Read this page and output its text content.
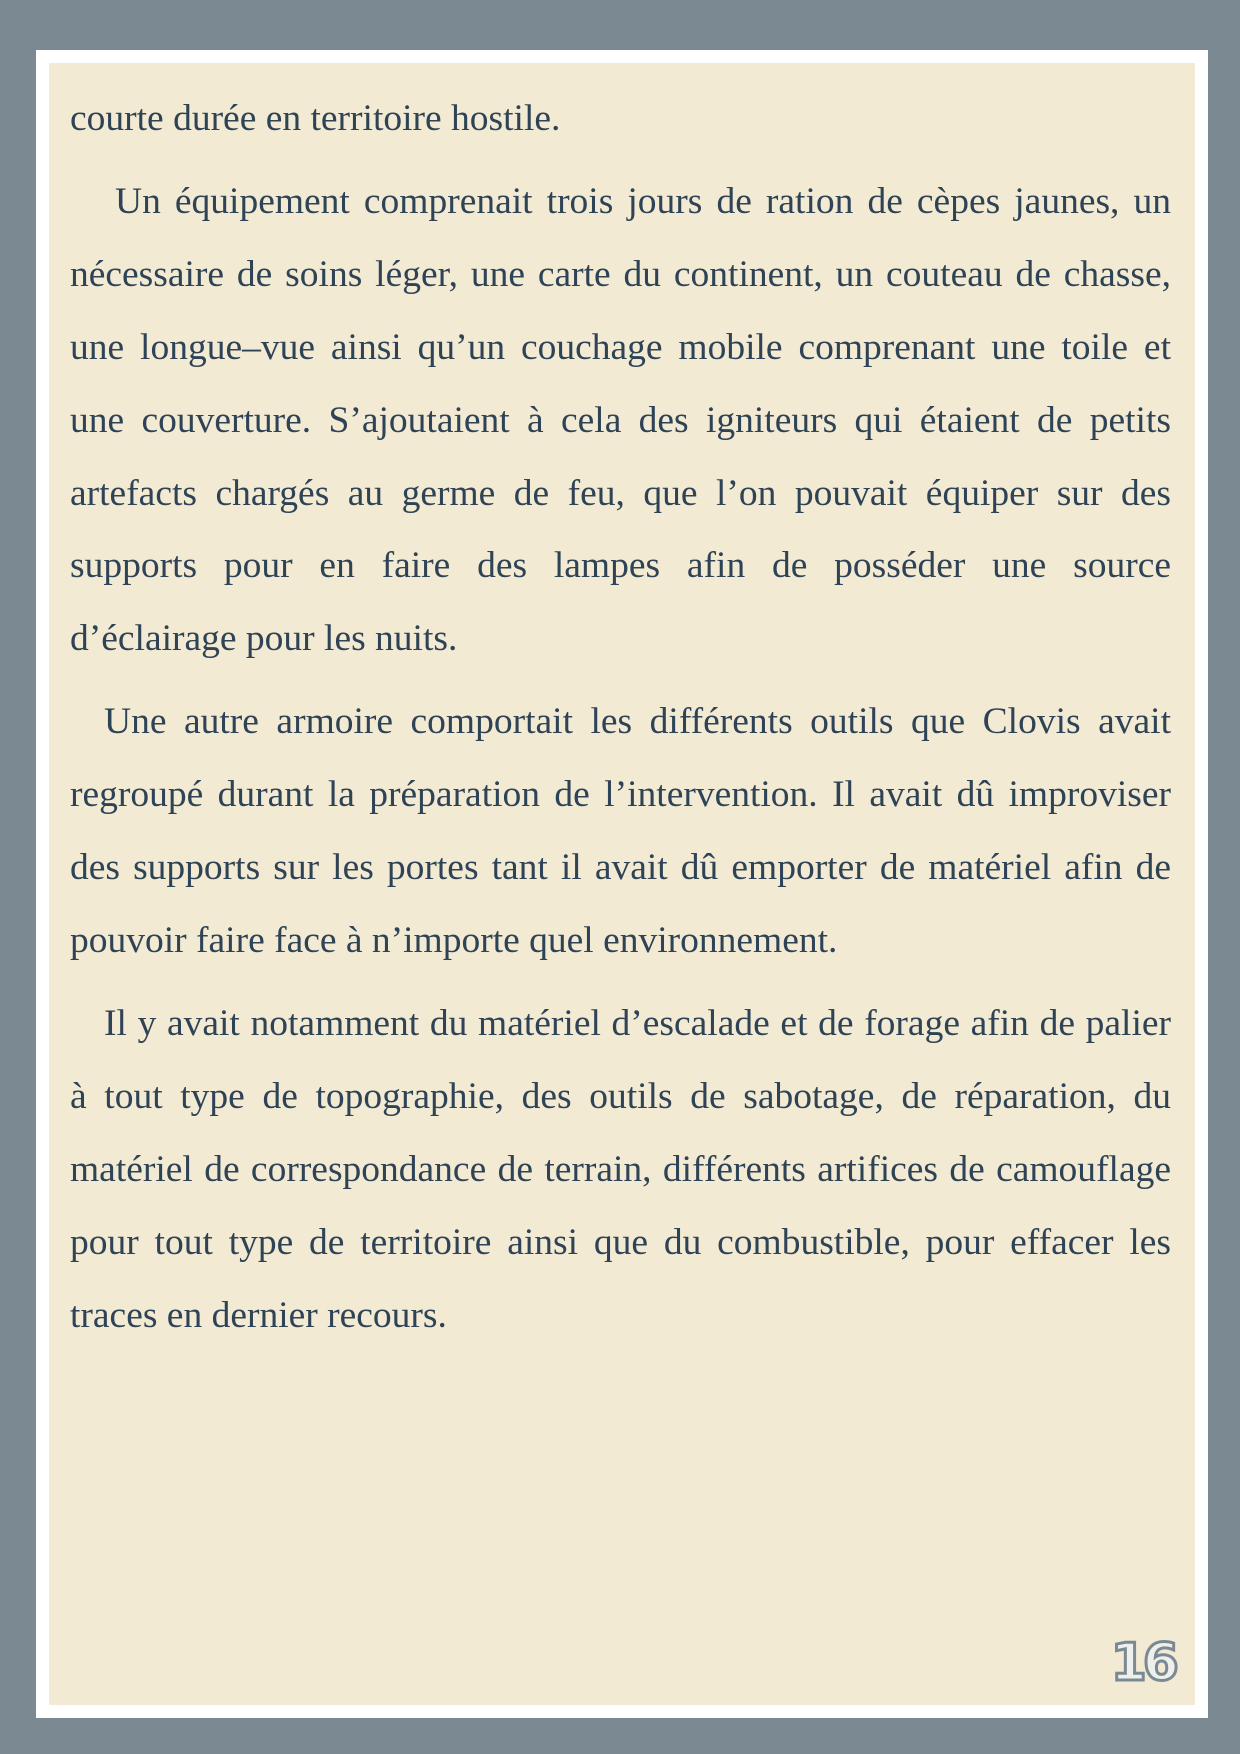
courte durée en territoire hostile.

Un équipement comprenait trois jours de ration de cèpes jaunes, un nécessaire de soins léger, une carte du continent, un couteau de chasse, une longue–vue ainsi qu’un couchage mobile comprenant une toile et une couverture. S’ajoutaient à cela des igniteurs qui étaient de petits artefacts chargés au germe de feu, que l’on pouvait équiper sur des supports pour en faire des lampes afin de posséder une source d’éclairage pour les nuits.

Une autre armoire comportait les différents outils que Clovis avait regroupé durant la préparation de l’intervention. Il avait dû improviser des supports sur les portes tant il avait dû emporter de matériel afin de pouvoir faire face à n’importe quel environnement.

Il y avait notamment du matériel d’escalade et de forage afin de palier à tout type de topographie, des outils de sabotage, de réparation, du matériel de correspondance de terrain, différents artifices de camouflage pour tout type de territoire ainsi que du combustible, pour effacer les traces en dernier recours.

16
